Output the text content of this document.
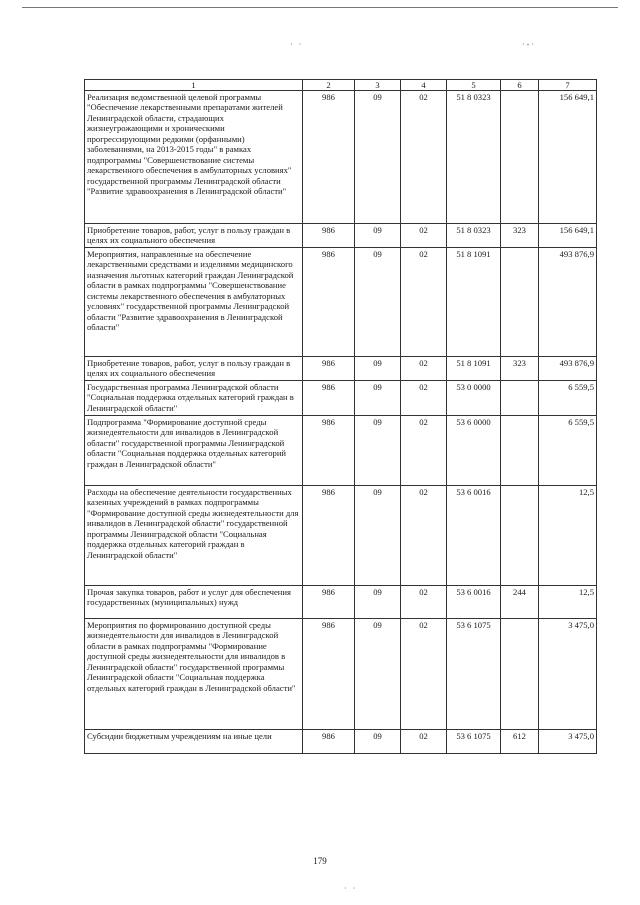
· ·	·-·
· ·
1	2	3	4	5	6	7
Реализация ведомственной целевой программы "Обеспечение лекарственными препаратами жителей Ленинградской области, страдающих жизнеугрожающими и хроническими прогрессирующими редкими (орфанными) заболеваниями, на 2013-2015 годы" в рамках подпрограммы "Совершенствование системы лекарственного обеспечения в амбулаторных условиях" государственной программы Ленинградской области "Развитие здравоохранения в Ленинградской области"	986	09	02	51 8 0323		156 649,1
Приобретение товаров, работ, услуг в пользу граждан в целях их социального обеспечения	986	09	02	51 8 0323	323	156 649,1
Мероприятия, направленные на обеспечение лекарственными средствами и изделиями медицинского назначения льготных категорий граждан Ленинградской области в рамках подпрограммы "Совершенствование системы лекарственного обеспечения в амбулаторных условиях" государственной программы Ленинградской области "Развитие здравоохранения в Ленинградской области"	986	09	02	51 8 1091		493 876,9
Приобретение товаров, работ, услуг в пользу граждан в целях их социального обеспечения	986	09	02	51 8 1091	323	493 876,9
Государственная программа Ленинградской области "Социальная поддержка отдельных категорий граждан в Ленинградской области"	986	09	02	53 0 0000		6 559,5
Подпрограмма "Формирование доступной среды жизнедеятельности для инвалидов в Ленинградской области" государственной программы Ленинградской области "Социальная поддержка отдельных категорий граждан в Ленинградской области"	986	09	02	53 6 0000		6 559,5
Расходы на обеспечение деятельности государственных казенных учреждений в рамках подпрограммы "Формирование доступной среды жизнедеятельности для инвалидов в Ленинградской области" государственной программы Ленинградской области "Социальная поддержка отдельных категорий граждан в Ленинградской области"	986	09	02	53 6 0016		12,5
Прочая закупка товаров, работ и услуг для обеспечения государственных (муниципальных) нужд	986	09	02	53 6 0016	244	12,5
Мероприятия по формированию доступной среды жизнедеятельности для инвалидов в Ленинградской области в рамках подпрограммы "Формирование доступной среды жизнедеятельности для инвалидов в Ленинградской области" государственной программы Ленинградской области "Социальная поддержка отдельных категорий граждан в Ленинградской области"	986	09	02	53 6 1075		3 475,0
Субсидии бюджетным учреждениям на иные цели	986	09	02	53 6 1075	612	3 475,0
179
